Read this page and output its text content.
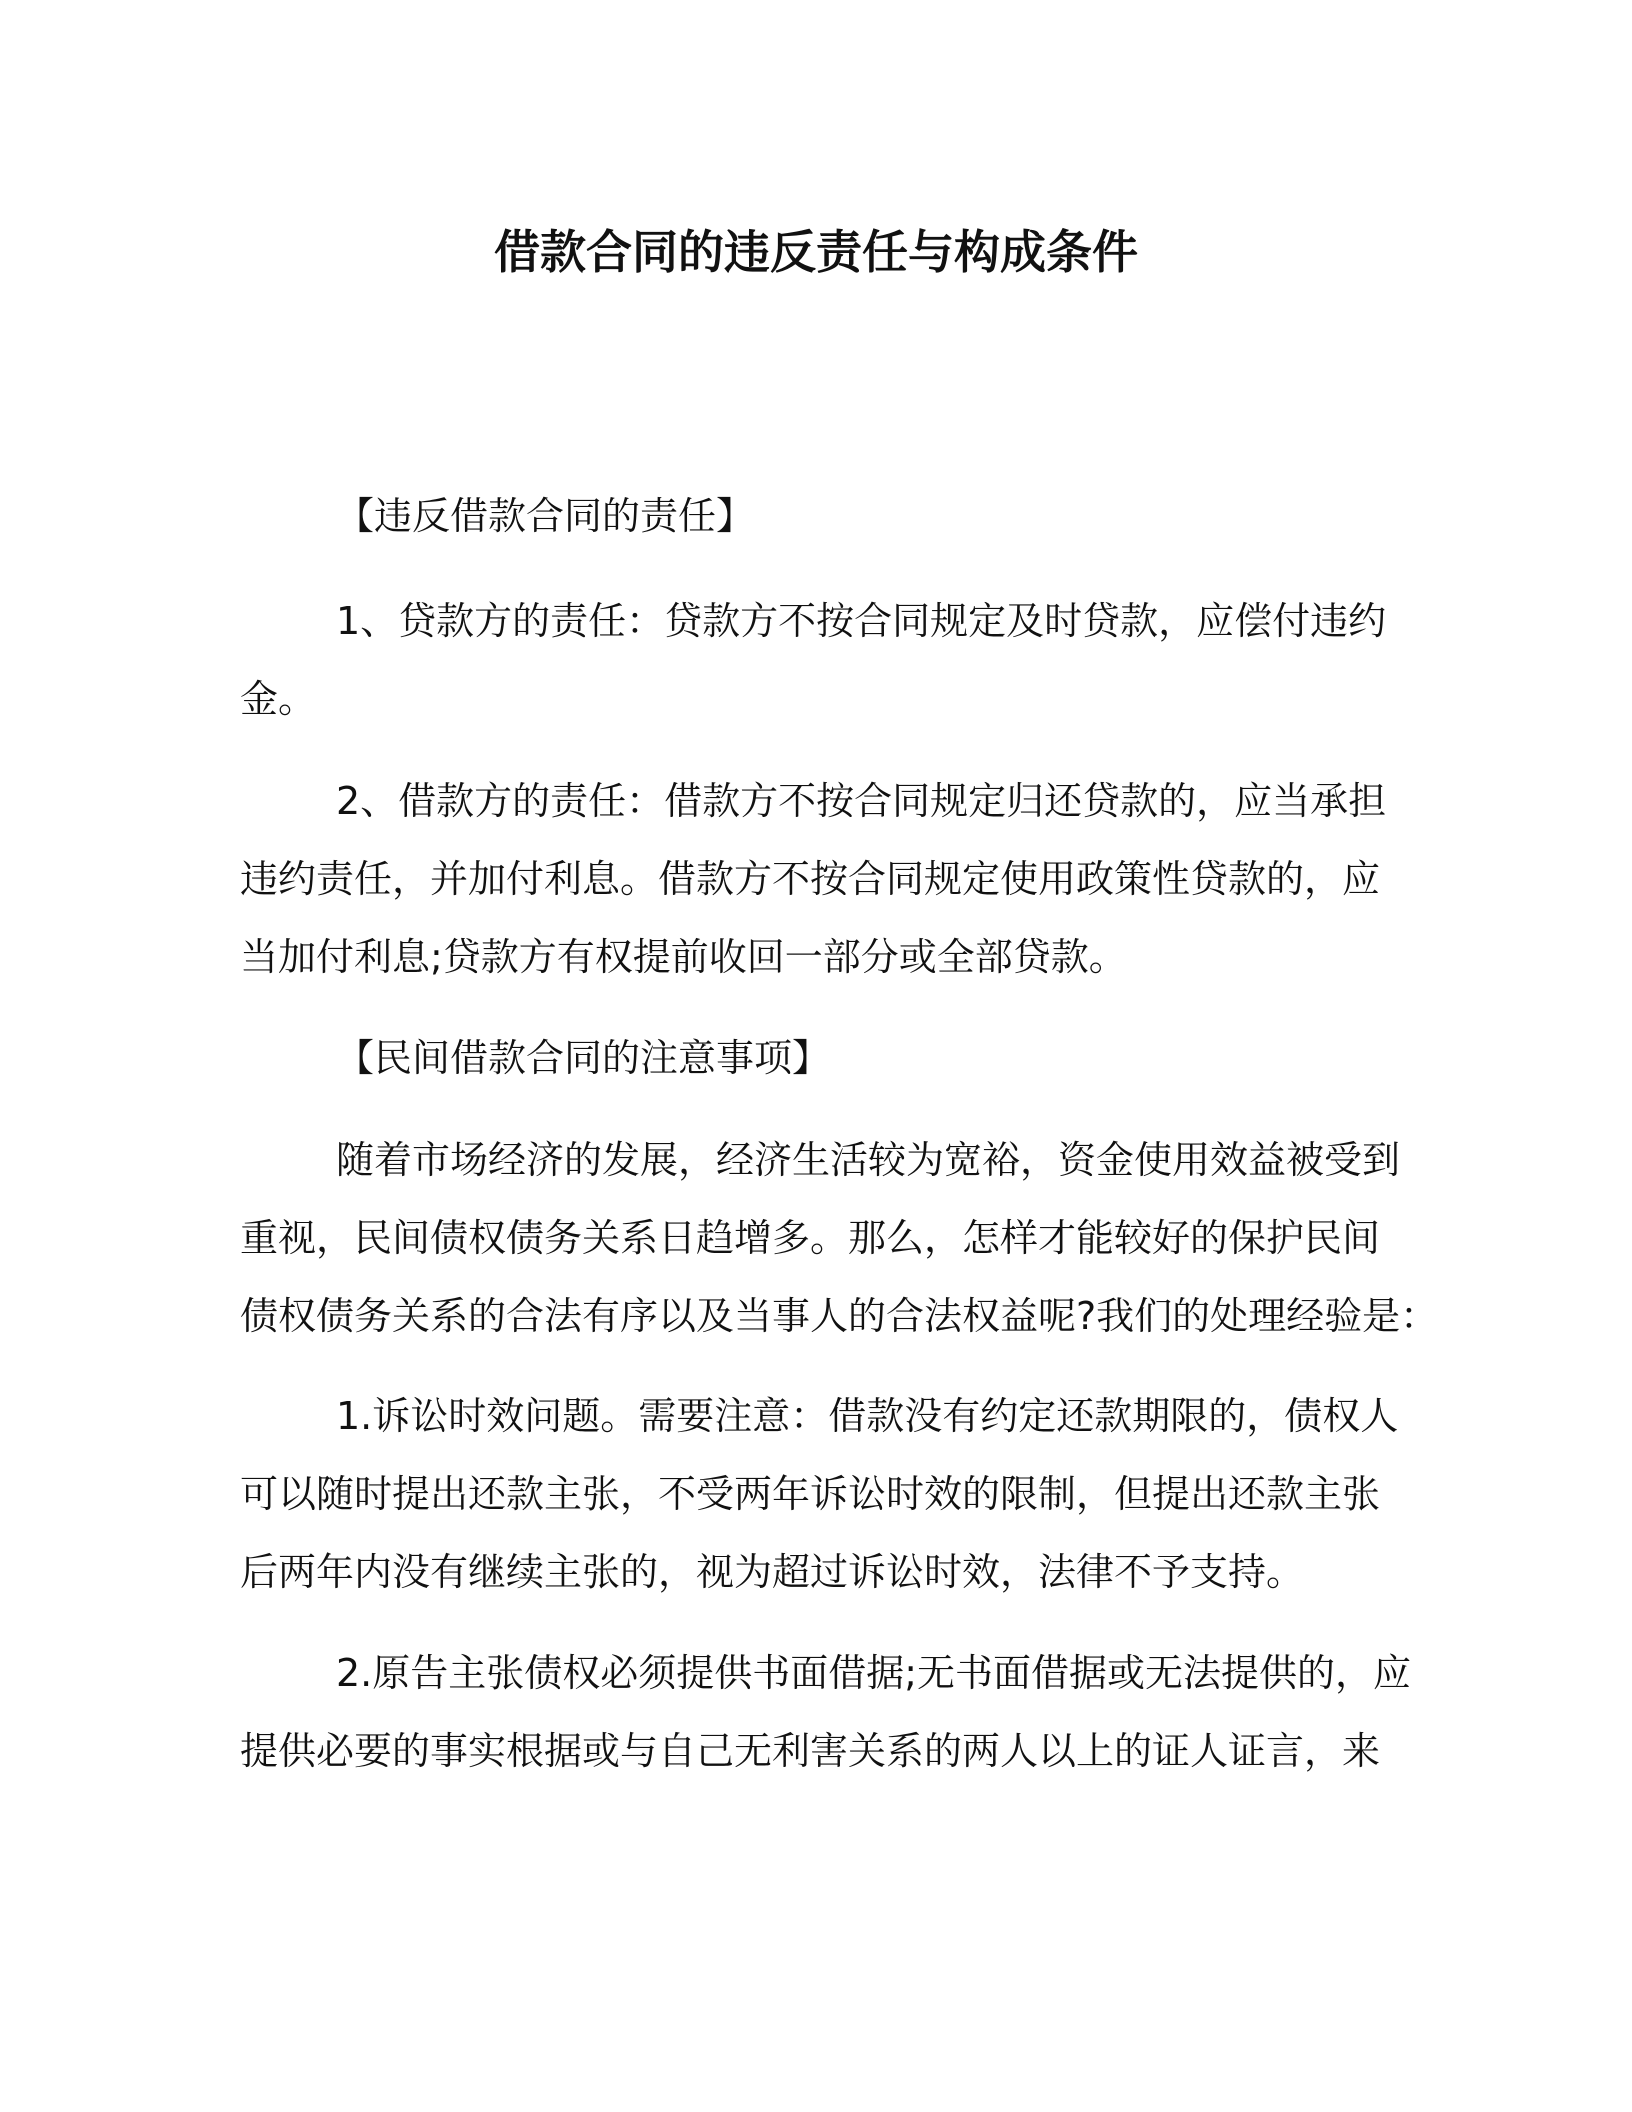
借款合同的违反责任与构成条件
【违反借款合同的责任】
1、贷款方的责任：贷款方不按合同规定及时贷款，应偿付违约
金。
2、借款方的责任：借款方不按合同规定归还贷款的，应当承担
违约责任，并加付利息。借款方不按合同规定使用政策性贷款的，应
当加付利息;贷款方有权提前收回一部分或全部贷款。
【民间借款合同的注意事项】
随着市场经济的发展，经济生活较为宽裕，资金使用效益被受到
重视，民间债权债务关系日趋增多。那么，怎样才能较好的保护民间
债权债务关系的合法有序以及当事人的合法权益呢?我们的处理经验是：
1.诉讼时效问题。需要注意：借款没有约定还款期限的，债权人
可以随时提出还款主张，不受两年诉讼时效的限制，但提出还款主张
后两年内没有继续主张的，视为超过诉讼时效，法律不予支持。
2.原告主张债权必须提供书面借据;无书面借据或无法提供的，应
提供必要的事实根据或与自己无利害关系的两人以上的证人证言，来
